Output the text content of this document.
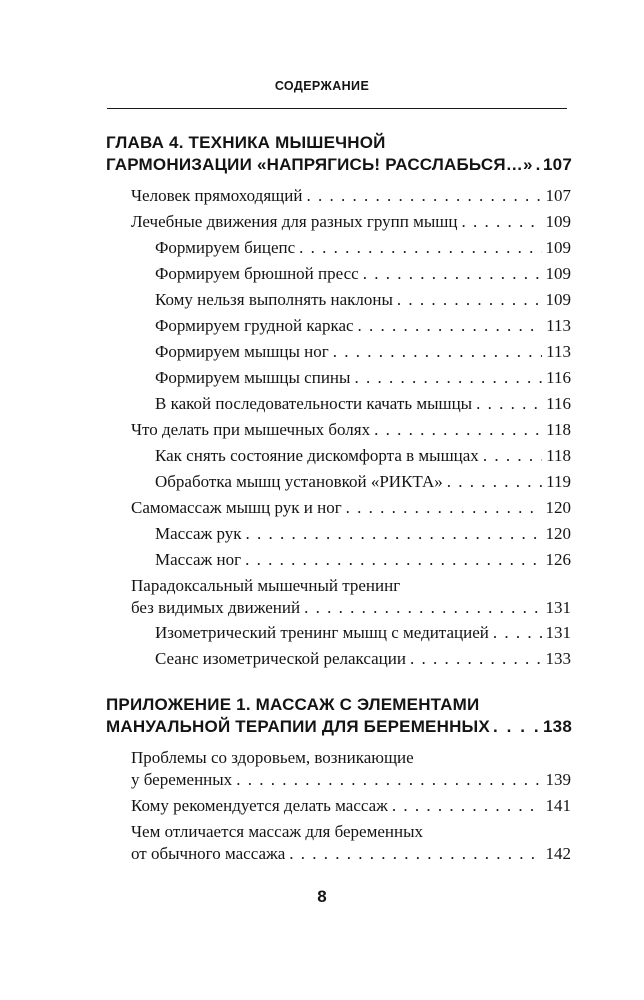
СОДЕРЖАНИЕ
ГЛАВА 4. ТЕХНИКА МЫШЕЧНОЙ
ГАРМОНИЗАЦИИ «НАПРЯГИСЬ! РАССЛАБЬСЯ…» . . . 107
Человек прямоходящий . . .	107
Лечебные движения для разных групп мышц . . .	109
Формируем бицепс . . .	109
Формируем брюшной пресс . . .	109
Кому нельзя выполнять наклоны . . .	109
Формируем грудной каркас . . .	113
Формируем мышцы ног . . .	113
Формируем мышцы спины . . .	116
В какой последовательности качать мышцы . . .	116
Что делать при мышечных болях . . .	118
Как снять состояние дискомфорта в мышцах . . .	118
Обработка мышц установкой «РИКТА» . . .	119
Самомассаж мышц рук и ног . . .	120
Массаж рук . . .	120
Массаж ног . . .	126
Парадоксальный мышечный тренинг
без видимых движений . . .	131
Изометрический тренинг мышц с медитацией . . .	131
Сеанс изометрической релаксации . . .	133
ПРИЛОЖЕНИЕ 1. МАССАЖ С ЭЛЕМЕНТАМИ
МАНУАЛЬНОЙ ТЕРАПИИ ДЛЯ БЕРЕМЕННЫХ . . .	138
Проблемы со здоровьем, возникающие
у беременных . . .	139
Кому рекомендуется делать массаж . . .	141
Чем отличается массаж для беременных
от обычного массажа . . .	142
8
